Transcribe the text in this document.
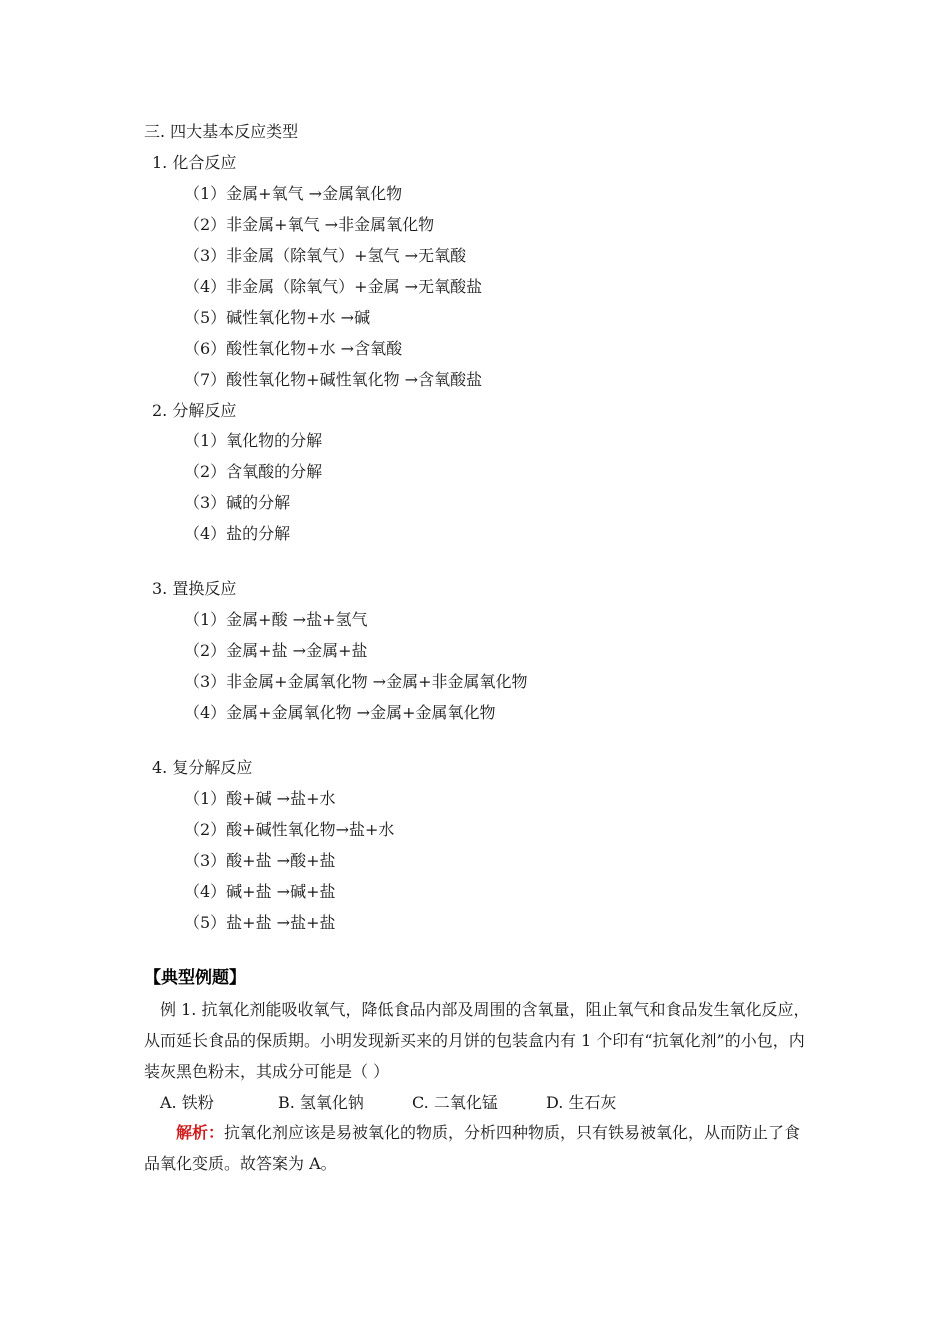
三. 四大基本反应类型
1. 化合反应
（1）金属+氧气 →金属氧化物
（2）非金属+氧气 →非金属氧化物
（3）非金属（除氧气）+氢气 →无氧酸
（4）非金属（除氧气）+金属 →无氧酸盐
（5）碱性氧化物+水 →碱
（6）酸性氧化物+水 →含氧酸
（7）酸性氧化物+碱性氧化物 →含氧酸盐
2. 分解反应
（1）氧化物的分解
（2）含氧酸的分解
（3）碱的分解
（4）盐的分解
3. 置换反应
（1）金属+酸 →盐+氢气
（2）金属+盐 →金属+盐
（3）非金属+金属氧化物 →金属+非金属氧化物
（4）金属+金属氧化物 →金属+金属氧化物
4. 复分解反应
（1）酸+碱 →盐+水
（2）酸+碱性氧化物→盐+水
（3）酸+盐 →酸+盐
（4）碱+盐 →碱+盐
（5）盐+盐 →盐+盐
【典型例题】
例 1. 抗氧化剂能吸收氧气，降低食品内部及周围的含氧量，阻止氧气和食品发生氧化反应，从而延长食品的保质期。小明发现新买来的月饼的包装盒内有 1 个印有“抗氧化剂”的小包，内装灰黑色粉末，其成分可能是（ ）
A. 铁粉	B. 氢氧化钠	C. 二氧化锰	D. 生石灰
解析：抗氧化剂应该是易被氧化的物质，分析四种物质，只有铁易被氧化，从而防止了食品氧化变质。故答案为 A。
